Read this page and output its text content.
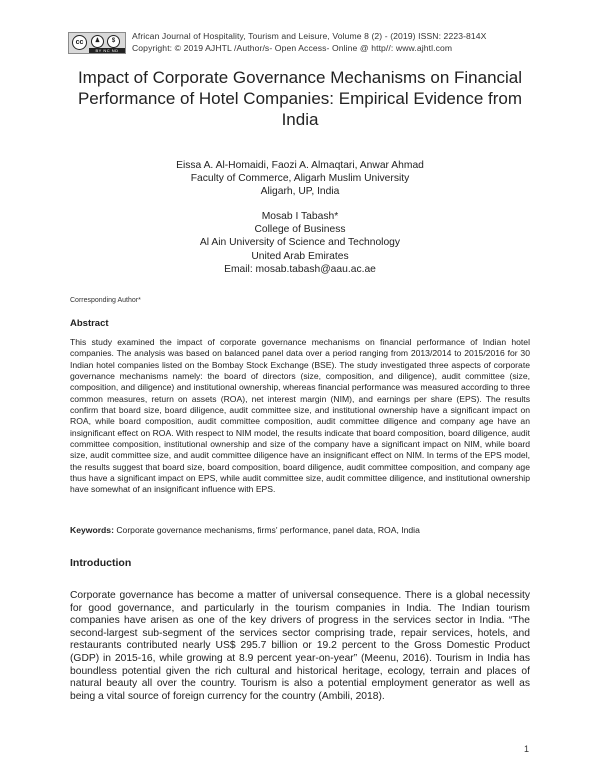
cc	♟	$
BY NC ND
African Journal of Hospitality, Tourism and Leisure, Volume 8 (2) - (2019) ISSN: 2223-814X
Copyright: © 2019 AJHTL /Author/s- Open Access- Online @ http//: www.ajhtl.com
Impact of Corporate Governance Mechanisms on Financial Performance of Hotel Companies: Empirical Evidence from India
Eissa A. Al-Homaidi, Faozi A. Almaqtari, Anwar Ahmad
Faculty of Commerce, Aligarh Muslim University
Aligarh, UP, India
Mosab I Tabash*
College of Business
Al Ain University of Science and Technology
United Arab Emirates
Email: mosab.tabash@aau.ac.ae
Corresponding Author*
Abstract

This study examined the impact of corporate governance mechanisms on financial performance of Indian hotel companies. The analysis was based on balanced panel data over a period ranging from 2013/2014 to 2015/2016 for 30 Indian hotel companies listed on the Bombay Stock Exchange (BSE). The study investigated three aspects of corporate governance mechanisms namely: the board of directors (size, composition, and diligence), audit committee (size, composition, and diligence) and institutional ownership, whereas financial performance was measured according to three common measures, return on assets (ROA), net interest margin (NIM), and earnings per share (EPS). The results confirm that board size, board diligence, audit committee size, and institutional ownership have a significant impact on ROA, while board composition, audit committee composition, audit committee diligence and company age have an insignificant effect on ROA. With respect to NIM model, the results indicate that board composition, board diligence, audit committee composition, institutional ownership and size of the company have a significant impact on NIM, while board size, audit committee size, and audit committee diligence have an insignificant effect on NIM. In terms of the EPS model, the results suggest that board size, board composition, board diligence, audit committee composition, and company age thus have a significant impact on EPS, while audit committee size, audit committee diligence, and institutional ownership have somewhat of an insignificant influence with EPS.

Keywords: Corporate governance mechanisms, firms' performance, panel data, ROA, India
Introduction

Corporate governance has become a matter of universal consequence. There is a global necessity for good governance, and particularly in the tourism companies in India. The Indian tourism companies have arisen as one of the key drivers of progress in the services sector in India. “The second-largest sub-segment of the services sector comprising trade, repair services, hotels, and restaurants contributed nearly US$ 295.7 billion or 19.2 percent to the Gross Domestic Product (GDP) in 2015-16, while growing at 8.9 percent year-on-year” (Meenu, 2016). Tourism in India has boundless potential given the rich cultural and historical heritage, ecology, terrain and places of natural beauty all over the country. Tourism is also a potential employment generator as well as being a vital source of foreign currency for the country (Ambili, 2018).

1
